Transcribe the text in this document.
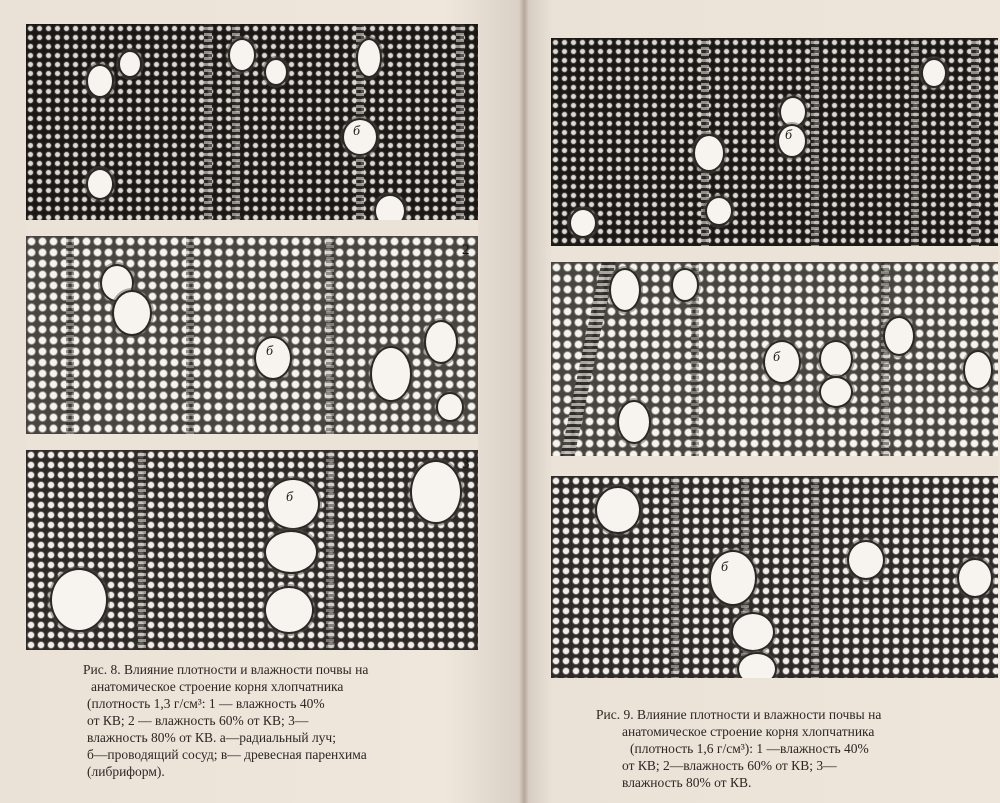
б
1
б
2
б
3

Рис. 8. Влияние плотности и влажности почвы на

анатомическое строение корня хлопчатника

(плотность 1,3 г/см³: 1 — влажность 40%

от КВ; 2 — влажность 60% от КВ; 3—

влажность 80% от КВ. а—радиальный луч;

б—проводящий сосуд; в— древесная паренхима

(либриформ).

б
б
б

Рис. 9. Влияние плотности и влажности почвы на

анатомическое строение корня хлопчатника

(плотность 1,6 г/см³): 1 —влажность 40%

от КВ; 2—влажность 60% от КВ; 3—

влажность 80% от КВ.
